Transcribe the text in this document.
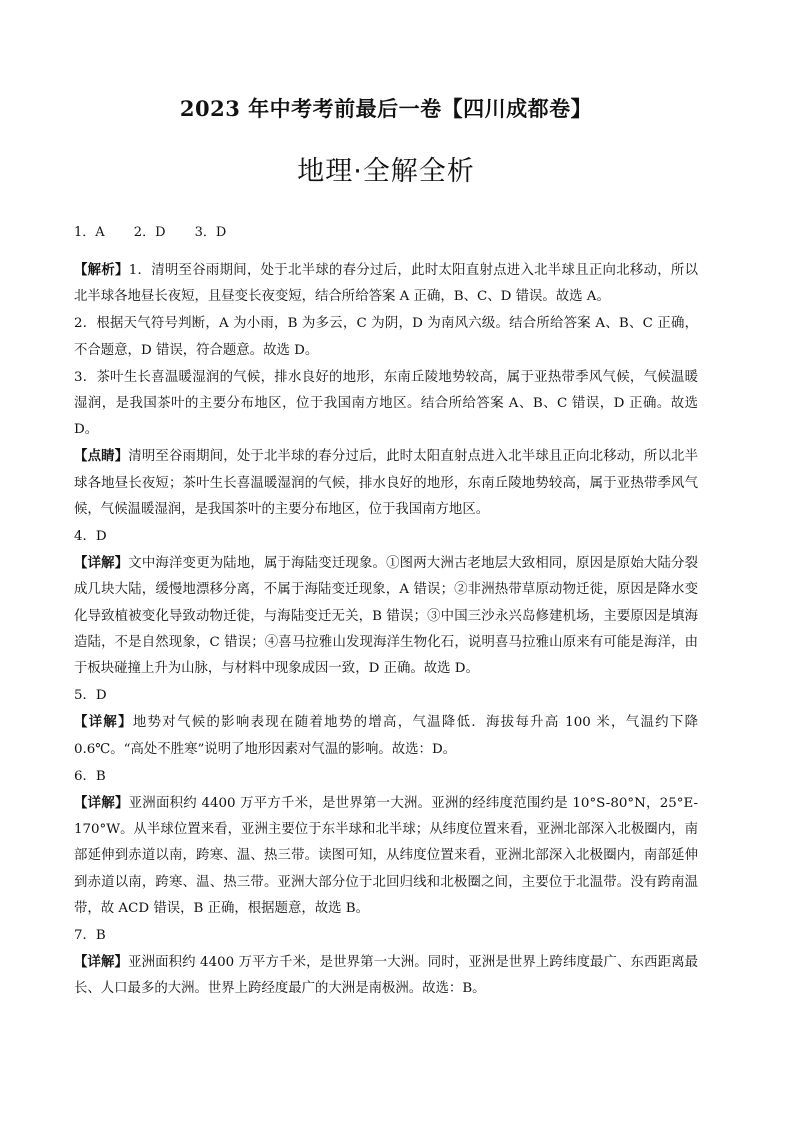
2023 年中考考前最后一卷【四川成都卷】
地理·全解全析
1．A　 2．D　 3．D

【解析】1．清明至谷雨期间，处于北半球的春分过后，此时太阳直射点进入北半球且正向北移动，所以北半球各地昼长夜短，且昼变长夜变短，结合所给答案 A 正确，B、C、D 错误。故选 A。

2．根据天气符号判断，A 为小雨，B 为多云，C 为阴，D 为南风六级。结合所给答案 A、B、C 正确，不合题意，D 错误，符合题意。故选 D。

3．茶叶生长喜温暖湿润的气候，排水良好的地形，东南丘陵地势较高，属于亚热带季风气候，气候温暖湿润，是我国茶叶的主要分布地区，位于我国南方地区。结合所给答案 A、B、C 错误，D 正确。故选 D。

【点睛】清明至谷雨期间，处于北半球的春分过后，此时太阳直射点进入北半球且正向北移动，所以北半球各地昼长夜短；茶叶生长喜温暖湿润的气候，排水良好的地形，东南丘陵地势较高，属于亚热带季风气候，气候温暖湿润，是我国茶叶的主要分布地区，位于我国南方地区。

4．D

【详解】文中海洋变更为陆地，属于海陆变迁现象。①图两大洲古老地层大致相同，原因是原始大陆分裂成几块大陆，缓慢地漂移分离，不属于海陆变迁现象，A 错误；②非洲热带草原动物迁徙，原因是降水变化导致植被变化导致动物迁徙，与海陆变迁无关，B 错误；③中国三沙永兴岛修建机场，主要原因是填海造陆，不是自然现象，C 错误；④喜马拉雅山发现海洋生物化石，说明喜马拉雅山原来有可能是海洋，由于板块碰撞上升为山脉，与材料中现象成因一致，D 正确。故选 D。

5．D

【详解】地势对气候的影响表现在随着地势的增高，气温降低．海拔每升高 100 米，气温约下降 0.6℃。“高处不胜寒”说明了地形因素对气温的影响。故选：D。

6．B

【详解】亚洲面积约 4400 万平方千米，是世界第一大洲。亚洲的经纬度范围约是 10°S-80°N，25°E-170°W。从半球位置来看，亚洲主要位于东半球和北半球；从纬度位置来看，亚洲北部深入北极圈内，南部延伸到赤道以南，跨寒、温、热三带。读图可知，从纬度位置来看，亚洲北部深入北极圈内，南部延伸到赤道以南，跨寒、温、热三带。亚洲大部分位于北回归线和北极圈之间，主要位于北温带。没有跨南温带，故 ACD 错误，B 正确，根据题意，故选 B。

7．B

【详解】亚洲面积约 4400 万平方千米，是世界第一大洲。同时，亚洲是世界上跨纬度最广、东西距离最长、人口最多的大洲。世界上跨经度最广的大洲是南极洲。故选：B。
